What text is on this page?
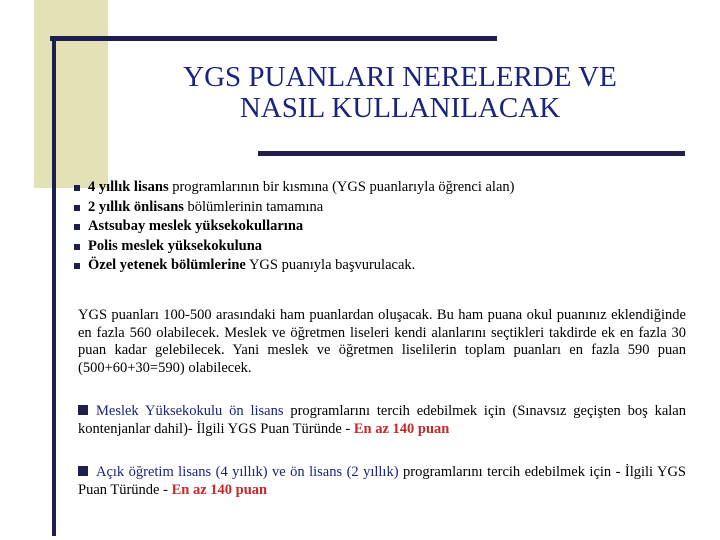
YGS PUANLARI NERELERDE VE
NASIL KULLANILACAK
4 yıllık lisans programlarının bir kısmına (YGS puanlarıyla öğrenci alan)
2 yıllık önlisans bölümlerinin tamamına
Astsubay meslek yüksekokullarına
Polis meslek yüksekokuluna
Özel yetenek bölümlerine YGS puanıyla başvurulacak.

YGS puanları 100-500 arasındaki ham puanlardan oluşacak. Bu ham puana okul puanınız eklendiğinde en fazla 560 olabilecek. Meslek ve öğretmen liseleri kendi alanlarını seçtikleri takdirde ek en fazla 30 puan kadar gelebilecek. Yani meslek ve öğretmen liselilerin toplam puanları en fazla 590 puan (500+60+30=590) olabilecek.

Meslek Yüksekokulu ön lisans programlarını tercih edebilmek için (Sınavsız geçişten boş kalan kontenjanlar dahil)- İlgili YGS Puan Türünde - En az 140 puan

Açık öğretim lisans (4 yıllık) ve ön lisans (2 yıllık) programlarını tercih edebilmek için - İlgili YGS Puan Türünde - En az 140 puan
